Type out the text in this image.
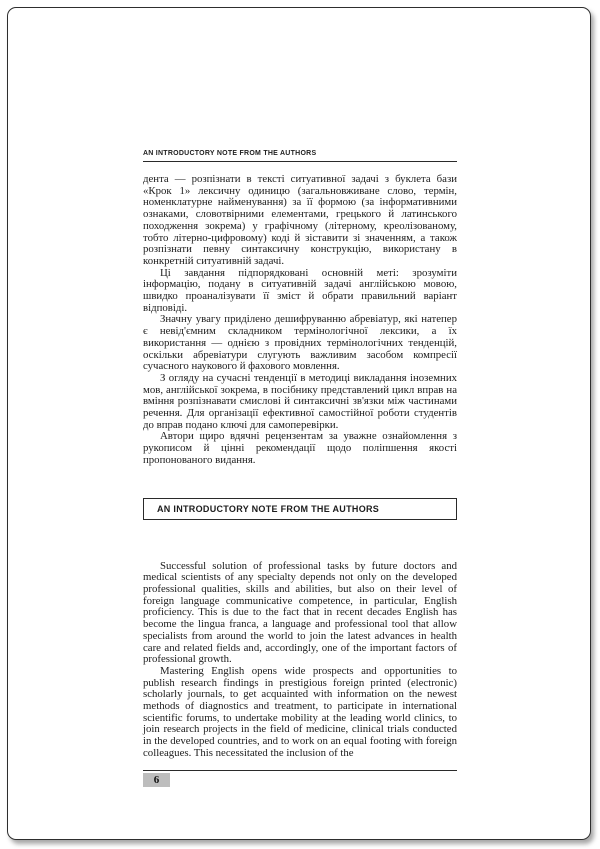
AN INTRODUCTORY NOTE FROM THE AUTHORS

дента — розпізнати в тексті ситуативної задачі з буклета бази «Крок 1» лексичну одиницю (загальновживане слово, термін, номенклатурне найменування) за її формою (за інформативними ознаками, словотвірними елементами, грецького й латинського походження зокрема) у графічному (літерному, креолізованому, тобто літерно-цифровому) коді й зіставити зі значенням, а також розпізнати певну синтаксичну конструкцію, використану в конкретній ситуативній задачі.

Ці завдання підпорядковані основній меті: зрозуміти інформацію, подану в ситуативній задачі англійською мовою, швидко проаналізувати її зміст й обрати правильний варіант відповіді.

Значну увагу приділено дешифруванню абревіатур, які натепер є невід'ємним складником термінологічної лексики, а їх використання — однією з провідних термінологічних тенденцій, оскільки абревіатури слугують важливим засобом компресії сучасного наукового й фахового мовлення.

З огляду на сучасні тенденції в методиці викладання іноземних мов, англійської зокрема, в посібнику представлений цикл вправ на вміння розпізнавати смислові й синтаксичні зв'язки між частинами речення. Для організації ефективної самостійної роботи студентів до вправ подано ключі для самоперевірки.

Автори щиро вдячні рецензентам за уважне ознайомлення з рукописом й цінні рекомендації щодо поліпшення якості пропонованого видання.

AN INTRODUCTORY NOTE FROM THE AUTHORS

Successful solution of professional tasks by future doctors and medical scientists of any specialty depends not only on the developed professional qualities, skills and abilities, but also on their level of foreign language communicative competence, in particular, English proficiency. This is due to the fact that in recent decades English has become the lingua franca, a language and professional tool that allow specialists from around the world to join the latest advances in health care and related fields and, accordingly, one of the important factors of professional growth.

Mastering English opens wide prospects and opportunities to publish research findings in prestigious foreign printed (electronic) scholarly journals, to get acquainted with information on the newest methods of diagnostics and treatment, to participate in international scientific forums, to undertake mobility at the leading world clinics, to join research projects in the field of medicine, clinical trials conducted in the developed countries, and to work on an equal footing with foreign colleagues. This necessitated the inclusion of the

6
